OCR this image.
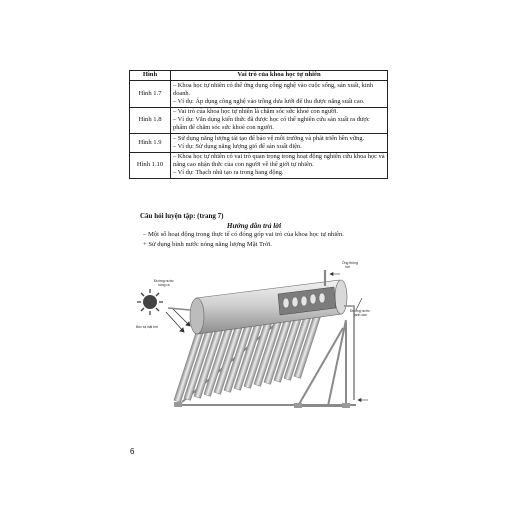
Hình	Vai trò của khoa học tự nhiên
Hình 1.7	– Khoa học tự nhiên có thể ứng dụng công nghệ vào cuộc sống, sản xuất, kinh doanh.
– Ví dụ: Áp dụng công nghệ vào trồng dưa lưới để thu được năng suất cao.

Hình 1.8	– Vai trò của khoa học tự nhiên là chăm sóc sức khoẻ con người.
– Ví dụ: Vắn dụng kiến thức đã được học có thể nghiên cứu sản xuất ra được phẩm để chăm sóc sức khoẻ con người.

Hình 1.9	– Sử dụng năng lượng tái tạo để bảo vệ môi trường và phát triển bền vững.
– Ví dụ: Sử dụng năng lượng gió để sản xuất điện.

Hình 1.10	– Khoa học tự nhiên có vai trò quan trọng trong hoạt động nghiên cứu khoa học và nâng cao nhận thức của con người về thế giới tự nhiên.
– Ví dụ: Thạch nhũ tạo ra trong hang động.
Câu hỏi luyện tập: (trang 7)
Hướng dẫn trả lời
– Một số hoạt động trong thực tế có đóng góp vai trò của khoa học tự nhiên.
+ Sử dụng bình nước nóng năng lượng Mặt Trời.
Đường nước
nóng ra
Ống thông
hơi
Bức xạ mặt trời
Đường nước
lạnh vào
6
